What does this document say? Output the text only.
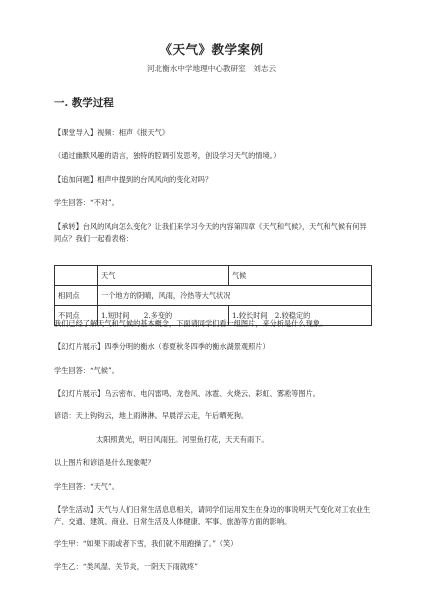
《天气》教学案例
河北衡水中学地理中心教研室　刘志云
一. 教学过程
【课堂导入】视频：相声《报天气》
（通过幽默风趣的语言，独特的腔调引发思考，创设学习天气的情境。）
【追加问题】相声中提到的台风风向的变化对吗？
学生回答：“不对”。
【承转】台风的风向怎么变化？让我们来学习今天的内容第四章《天气和气候》，天气和气候有何异同点？我们一起看表格：
	天气	气候
相同点	一个地方的阴晴，风雨，冷热等大气状况	
不同点	1.短时间　　2.多变的	1.较长时间　2.较稳定的
我们已经了解天气和气候的基本概念，下面请同学们看一组图片，来分析是什么现象。
【幻灯片展示】四季分明的衡水（春夏秋冬四季的衡水湖景观照片）
学生回答：“气候”。
【幻灯片展示】乌云密布、电闪雷鸣、龙卷风、冰雹、火烧云、彩虹、雾凇等图片。
谚语：天上钩钩云，地上雨淋淋。早晨浮云走，午后晒死狗。
太阳照黄光，明日风雨狂。河里鱼打花，天天有雨下。
以上图片和谚语是什么现象呢？
学生回答：“天气”。
【学生活动】天气与人们日常生活息息相关，请同学们运用发生在身边的事说明天气变化对工农业生产、交通、建筑、商业、日常生活及人体健康、军事、旅游等方面的影响。
学生甲：“如果下雨或者下雪，我们就不用跑操了。”（笑）
学生乙：“类风湿、关节炎，一阴天下雨就疼”
